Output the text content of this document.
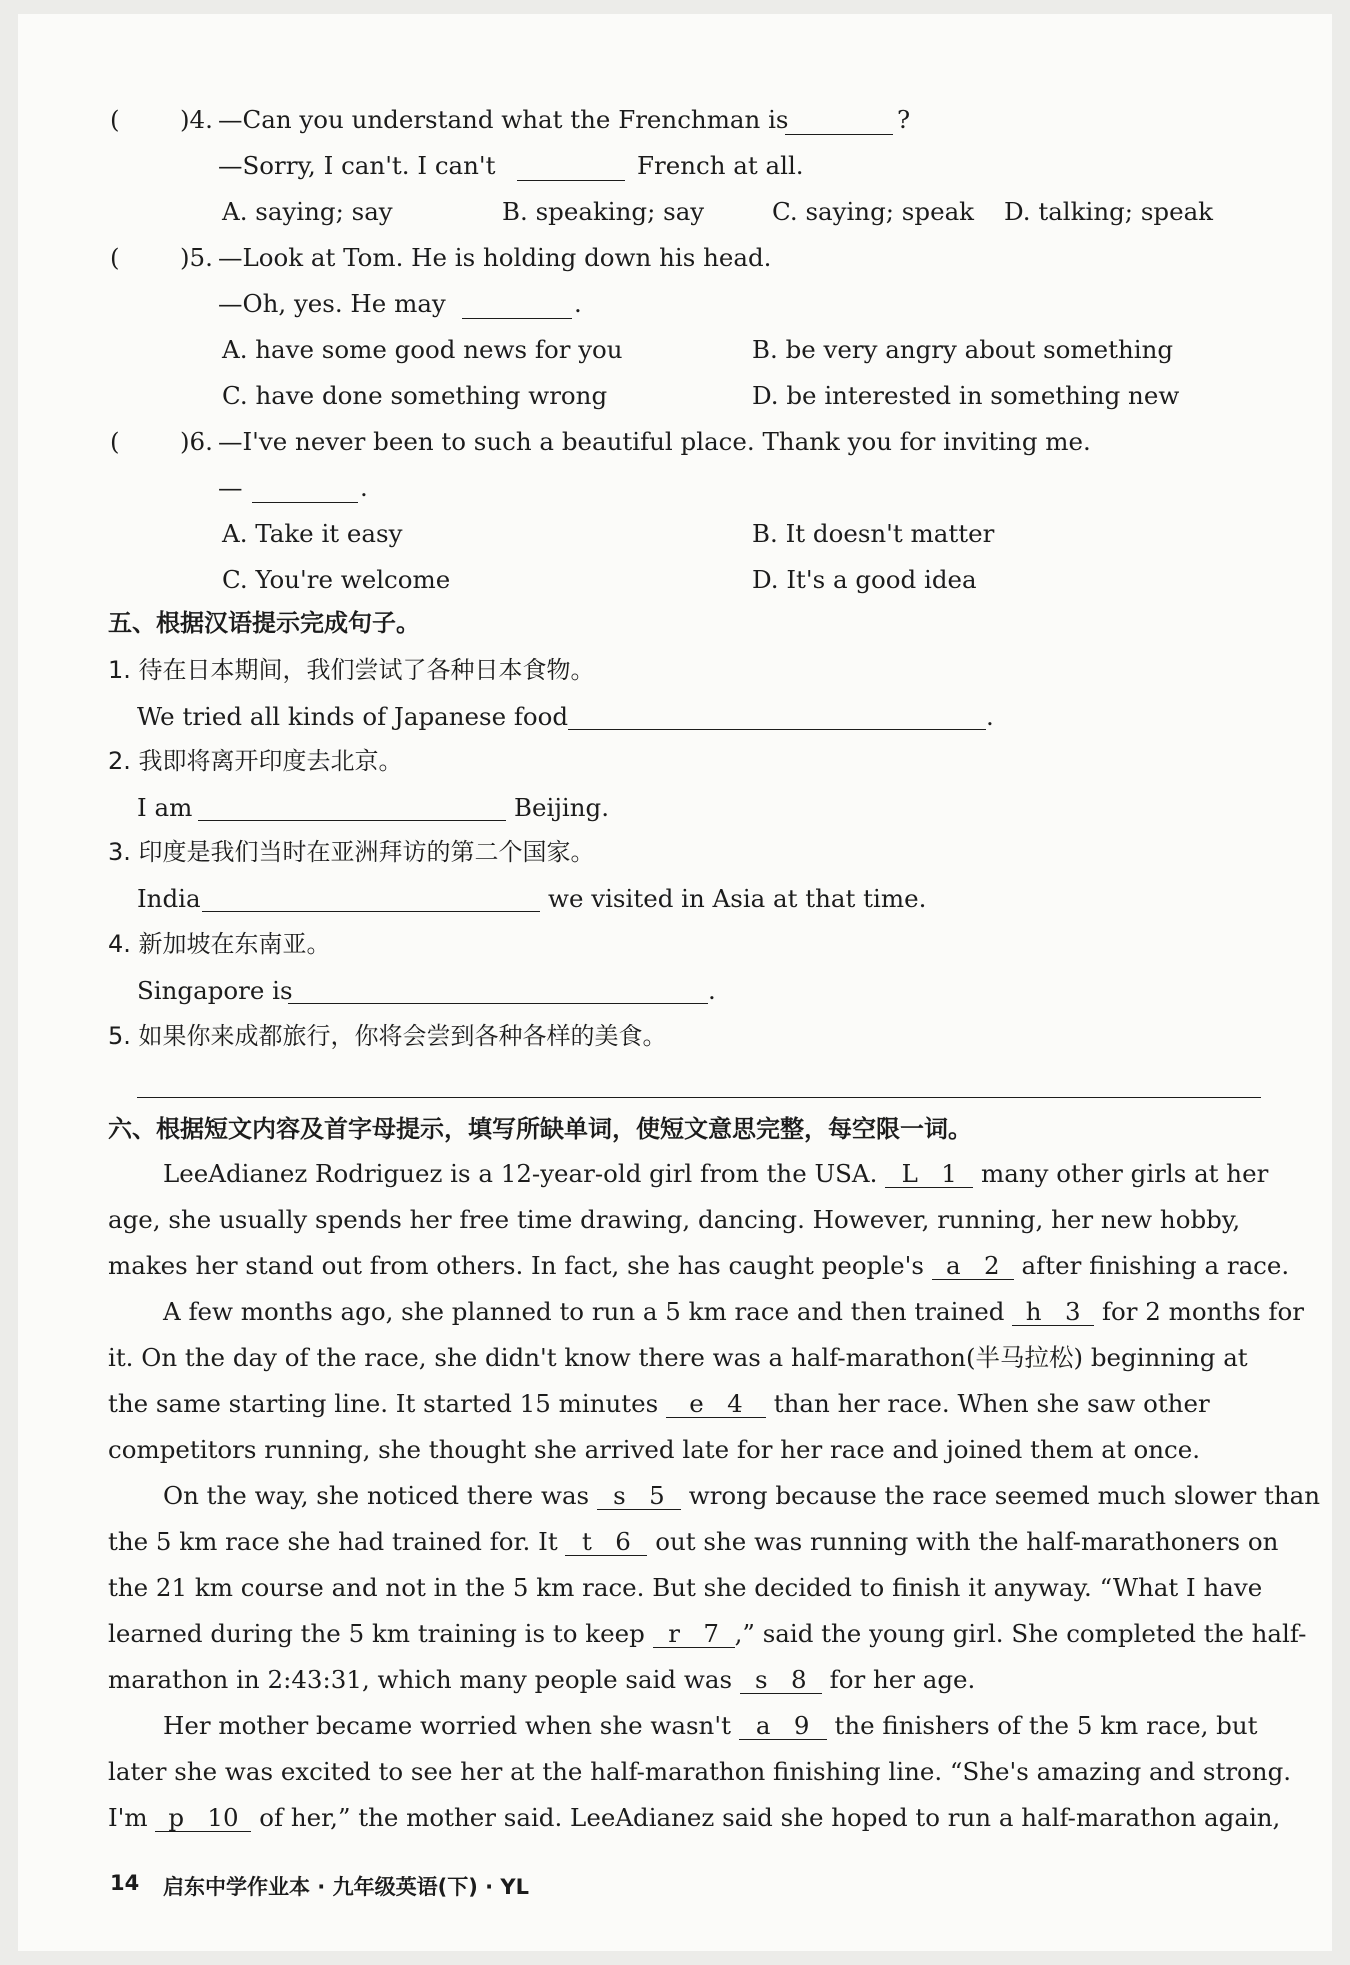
( )4. —Can you understand what the Frenchman is	?
—Sorry, I can't. I can't	French at all.
A. saying; say	B. speaking; say	C. saying; speak D. talking; speak
( )5. —Look at Tom. He is holding down his head.
—Oh, yes. He may	.
A. have some good news for you	B. be very angry about something
C. have done something wrong	D. be interested in something new
( )6. —I've never been to such a beautiful place. Thank you for inviting me.
—	.
A. Take it easy	B. It doesn't matter
C. You're welcome	D. It's a good idea
五、根据汉语提示完成句子。
1. 待在日本期间，我们尝试了各种日本食物。
We tried all kinds of Japanese food	.
2. 我即将离开印度去北京。
I am	Beijing.
3. 印度是我们当时在亚洲拜访的第二个国家。
India	we visited in Asia at that time.
4. 新加坡在东南亚。
Singapore is	.
5. 如果你来成都旅行，你将会尝到各种各样的美食。
六、根据短文内容及首字母提示，填写所缺单词，使短文意思完整，每空限一词。
LeeAdianez Rodriguez is a 12-year-old girl from the USA. L 1 many other girls at her
age, she usually spends her free time drawing, dancing. However, running, her new hobby,
makes her stand out from others. In fact, she has caught people's a 2 after finishing a race.
A few months ago, she planned to run a 5 km race and then trained h 3 for 2 months for
it. On the day of the race, she didn't know there was a half-marathon(半马拉松) beginning at
the same starting line. It started 15 minutes e 4 than her race. When she saw other
competitors running, she thought she arrived late for her race and joined them at once.
On the way, she noticed there was s 5 wrong because the race seemed much slower than
the 5 km race she had trained for. It t 6 out she was running with the half-marathoners on
the 21 km course and not in the 5 km race. But she decided to finish it anyway. “What I have
learned during the 5 km training is to keep r 7 ,” said the young girl. She completed the half-
marathon in 2:43:31, which many people said was s 8 for her age.
Her mother became worried when she wasn't a 9 the finishers of the 5 km race, but
later she was excited to see her at the half-marathon finishing line. “She's amazing and strong.
I'm p 10 of her,” the mother said. LeeAdianez said she hoped to run a half-marathon again,
14 启东中学作业本 · 九年级英语(下) · YL
